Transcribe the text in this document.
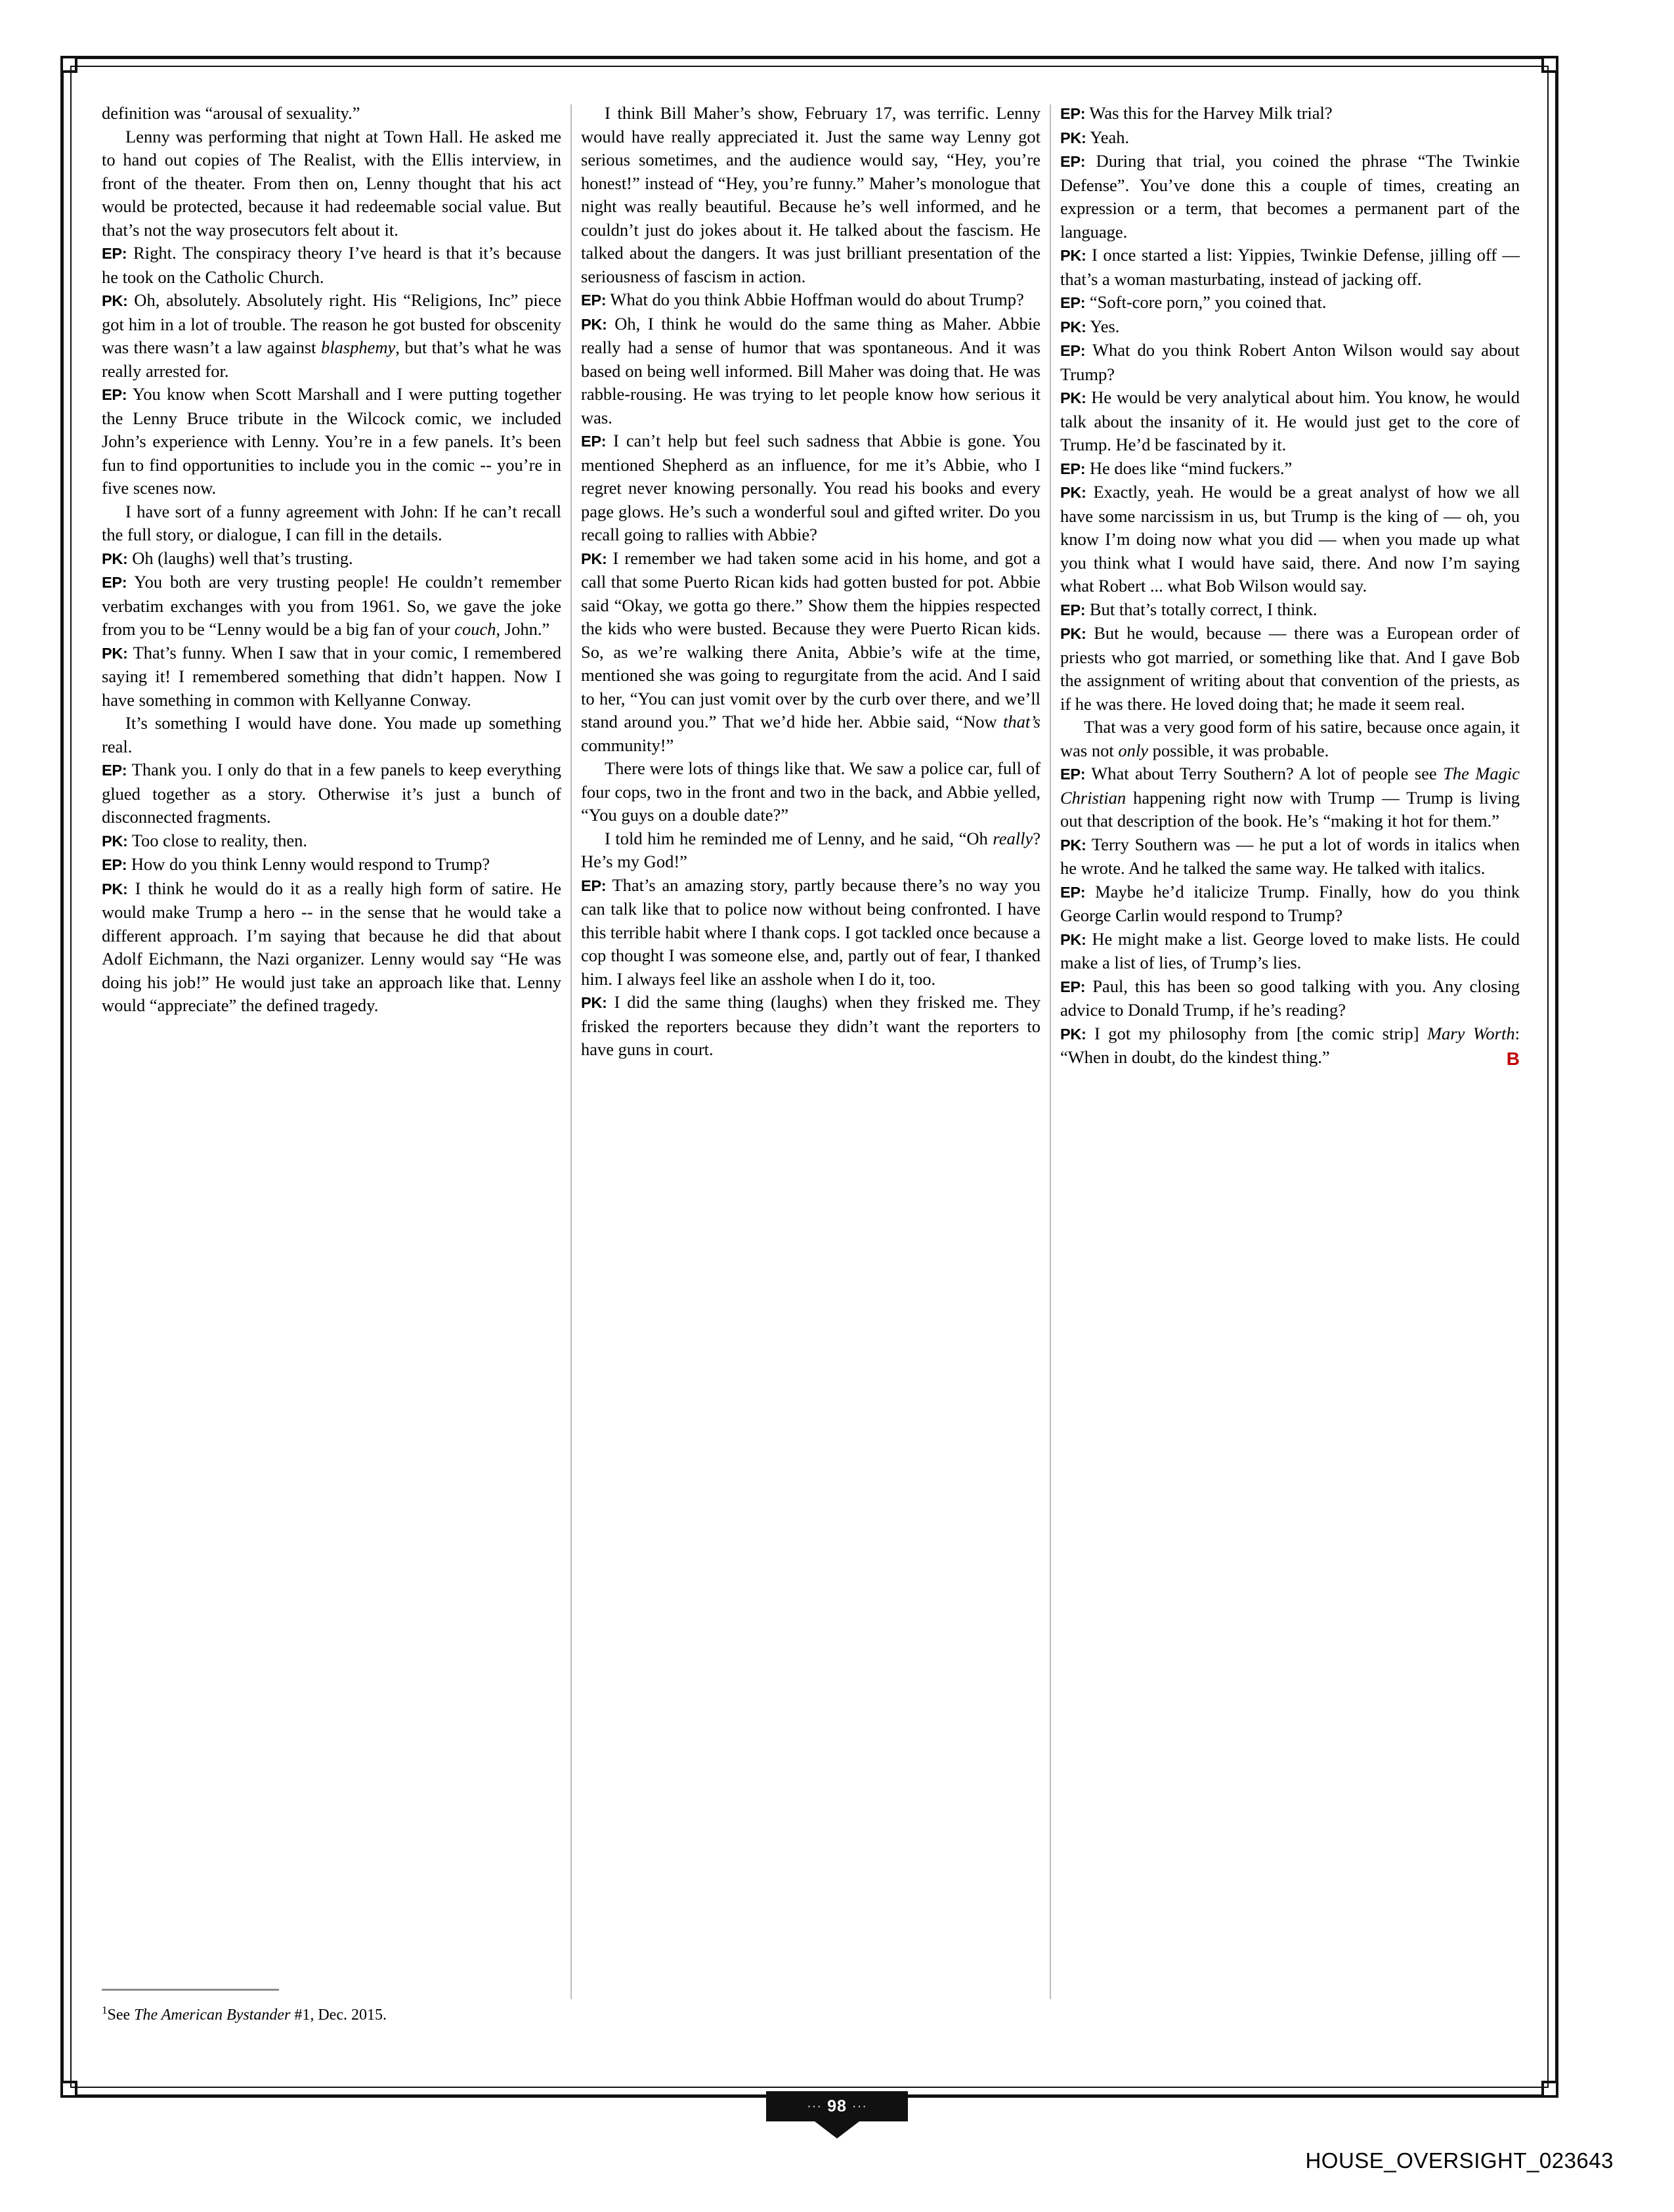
definition was “arousal of sexuality.”

Lenny was performing that night at Town Hall. He asked me to hand out copies of The Realist, with the Ellis interview, in front of the theater. From then on, Lenny thought that his act would be protected, because it had redeemable social value. But that’s not the way prosecutors felt about it.

EP: Right. The conspiracy theory I’ve heard is that it’s because he took on the Catholic Church.

PK: Oh, absolutely. Absolutely right. His “Religions, Inc” piece got him in a lot of trouble. The reason he got busted for obscenity was there wasn’t a law against blasphemy, but that’s what he was really arrested for.

EP: You know when Scott Marshall and I were putting together the Lenny Bruce tribute in the Wilcock comic, we included John’s experience with Lenny. You’re in a few panels. It’s been fun to find opportunities to include you in the comic -- you’re in five scenes now.

I have sort of a funny agreement with John: If he can’t recall the full story, or dialogue, I can fill in the details.

PK: Oh (laughs) well that’s trusting.

EP: You both are very trusting people! He couldn’t remember verbatim exchanges with you from 1961. So, we gave the joke from you to be “Lenny would be a big fan of your couch, John.”

PK: That’s funny. When I saw that in your comic, I remembered saying it! I remembered something that didn’t happen. Now I have something in common with Kellyanne Conway.

It’s something I would have done. You made up something real.

EP: Thank you. I only do that in a few panels to keep everything glued together as a story. Otherwise it’s just a bunch of disconnected fragments.

PK: Too close to reality, then.

EP: How do you think Lenny would respond to Trump?

PK: I think he would do it as a really high form of satire. He would make Trump a hero -- in the sense that he would take a different approach. I’m saying that because he did that about Adolf Eichmann, the Nazi organizer. Lenny would say “He was doing his job!” He would just take an approach like that. Lenny would “appreciate” the defined tragedy.

$^1$See The American Bystander #1, Dec. 2015.

I think Bill Maher’s show, February 17, was terrific. Lenny would have really appreciated it. Just the same way Lenny got serious sometimes, and the audience would say, “Hey, you’re honest!” instead of “Hey, you’re funny.” Maher’s monologue that night was really beautiful. Because he’s well informed, and he couldn’t just do jokes about it. He talked about the fascism. He talked about the dangers. It was just brilliant presentation of the seriousness of fascism in action.

EP: What do you think Abbie Hoffman would do about Trump?

PK: Oh, I think he would do the same thing as Maher. Abbie really had a sense of humor that was spontaneous. And it was based on being well informed. Bill Maher was doing that. He was rabble-rousing. He was trying to let people know how serious it was.

EP: I can’t help but feel such sadness that Abbie is gone. You mentioned Shepherd as an influence, for me it’s Abbie, who I regret never knowing personally. You read his books and every page glows. He’s such a wonderful soul and gifted writer. Do you recall going to rallies with Abbie?

PK: I remember we had taken some acid in his home, and got a call that some Puerto Rican kids had gotten busted for pot. Abbie said “Okay, we gotta go there.” Show them the hippies respected the kids who were busted. Because they were Puerto Rican kids. So, as we’re walking there Anita, Abbie’s wife at the time, mentioned she was going to regurgitate from the acid. And I said to her, “You can just vomit over by the curb over there, and we’ll stand around you.” That we’d hide her. Abbie said, “Now that’s community!”

There were lots of things like that. We saw a police car, full of four cops, two in the front and two in the back, and Abbie yelled, “You guys on a double date?”

I told him he reminded me of Lenny, and he said, “Oh really? He’s my God!”

EP: That’s an amazing story, partly because there’s no way you can talk like that to police now without being confronted. I have this terrible habit where I thank cops. I got tackled once because a cop thought I was someone else, and, partly out of fear, I thanked him. I always feel like an asshole when I do it, too.

PK: I did the same thing (laughs) when they frisked me. They frisked the reporters because they didn’t want the reporters to have guns in court.

EP: Was this for the Harvey Milk trial?

PK: Yeah.

EP: During that trial, you coined the phrase “The Twinkie Defense”. You’ve done this a couple of times, creating an expression or a term, that becomes a permanent part of the language.

PK: I once started a list: Yippies, Twinkie Defense, jilling off — that’s a woman masturbating, instead of jacking off.

EP: “Soft-core porn,” you coined that.

PK: Yes.

EP: What do you think Robert Anton Wilson would say about Trump?

PK: He would be very analytical about him. You know, he would talk about the insanity of it. He would just get to the core of Trump. He’d be fascinated by it.

EP: He does like “mind fuckers.”

PK: Exactly, yeah. He would be a great analyst of how we all have some narcissism in us, but Trump is the king of — oh, you know I’m doing now what you did — when you made up what you think what I would have said, there. And now I’m saying what Robert ... what Bob Wilson would say.

EP: But that’s totally correct, I think.

PK: But he would, because — there was a European order of priests who got married, or something like that. And I gave Bob the assignment of writing about that convention of the priests, as if he was there. He loved doing that; he made it seem real.

That was a very good form of his satire, because once again, it was not only possible, it was probable.

EP: What about Terry Southern? A lot of people see The Magic Christian happening right now with Trump — Trump is living out that description of the book. He’s “making it hot for them.”

PK: Terry Southern was — he put a lot of words in italics when he wrote. And he talked the same way. He talked with italics.

EP: Maybe he’d italicize Trump. Finally, how do you think George Carlin would respond to Trump?

PK: He might make a list. George loved to make lists. He could make a list of lies, of Trump’s lies.

EP: Paul, this has been so good talking with you. Any closing advice to Donald Trump, if he’s reading?

PK: I got my philosophy from [the comic strip] Mary Worth: “When in doubt, do the kindest thing.”	B

··· 98 ···
HOUSE_OVERSIGHT_023643
